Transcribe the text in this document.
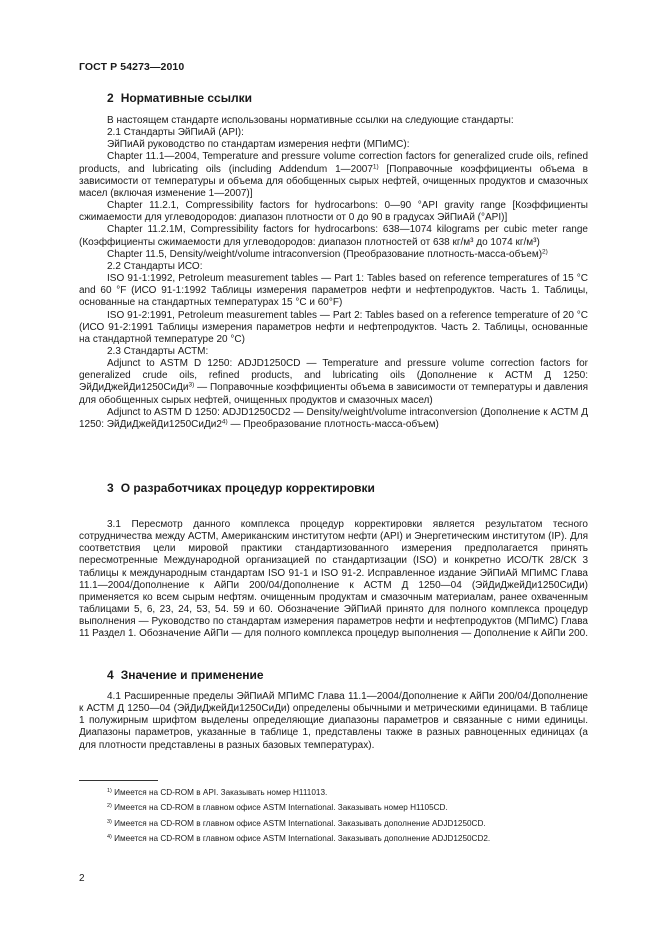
ГОСТ Р 54273—2010
2 Нормативные ссылки

В настоящем стандарте использованы нормативные ссылки на следующие стандарты:

2.1 Стандарты ЭйПиАй (API):

ЭйПиАй руководство по стандартам измерения нефти (МПиМС):

Chapter 11.1—2004, Temperature and pressure volume correction factors for generalized crude oils, refined products, and lubricating oils (including Addendum 1—2007$^{1)}$ [Поправочные коэффициенты объема в зависимости от температуры и объема для обобщенных сырых нефтей, очищенных продуктов и смазочных масел (включая изменение 1—2007)]

Chapter 11.2.1, Compressibility factors for hydrocarbons: 0—90 °API gravity range [Коэффициенты сжимаемости для углеводородов: диапазон плотности от 0 до 90 в градусах ЭйПиАй (°API)]

Chapter 11.2.1M, Compressibility factors for hydrocarbons: 638—1074 kilograms per cubic meter range (Коэффициенты сжимаемости для углеводородов: диапазон плотностей от 638 кг/м³ до 1074 кг/м³)

Chapter 11.5, Density/weight/volume intraconversion (Преобразование плотность-масса-объем)$^{2)}$

2.2 Стандарты ИСО:

ISO 91-1:1992, Petroleum measurement tables — Part 1: Tables based on reference temperatures of 15 °C and 60 °F (ИСО 91-1:1992 Таблицы измерения параметров нефти и нефтепродуктов. Часть 1. Таблицы, основанные на стандартных температурах 15 °C и 60°F)

ISO 91-2:1991, Petroleum measurement tables — Part 2: Tables based on a reference temperature of 20 °C (ИСО 91-2:1991 Таблицы измерения параметров нефти и нефтепродуктов. Часть 2. Таблицы, основанные на стандартной температуре 20 °C)

2.3 Стандарты АСТМ:

Adjunct to ASTM D 1250: ADJD1250CD — Temperature and pressure volume correction factors for generalized crude oils, refined products, and lubricating oils (Дополнение к АСТМ Д 1250: ЭйДиДжейДи1250СиДи$^{3)}$ — Поправочные коэффициенты объема в зависимости от температуры и давления для обобщенных сырых нефтей, очищенных продуктов и смазочных масел)

Adjunct to ASTM D 1250: ADJD1250CD2 — Density/weight/volume intraconversion (Дополнение к АСТМ Д 1250: ЭйДиДжейДи1250СиДи2$^{4)}$ — Преобразование плотность-масса-объем)

3 О разработчиках процедур корректировки

3.1 Пересмотр данного комплекса процедур корректировки является результатом тесного сотрудничества между АСТМ, Американским институтом нефти (API) и Энергетическим институтом (IP). Для соответствия цели мировой практики стандартизованного измерения предполагается принять пересмотренные Международной организацией по стандартизации (ISO) и конкретно ИСО/ТК 28/СК 3 таблицы к международным стандартам ISO 91-1 и ISO 91-2. Исправленное издание ЭйПиАй МПиМС Глава 11.1—2004/Дополнение к АйПи 200/04/Дополнение к АСТМ Д 1250—04 (ЭйДиДжейДи1250СиДи) применяется ко всем сырым нефтям. очищенным продуктам и смазочным материалам, ранее охваченным таблицами 5, 6, 23, 24, 53, 54. 59 и 60. Обозначение ЭйПиАй принято для полного комплекса процедур выполнения — Руководство по стандартам измерения параметров нефти и нефтепродуктов (МПиМС) Глава 11 Раздел 1. Обозначение АйПи — для полного комплекса процедур выполнения — Дополнение к АйПи 200.

4 Значение и применение

4.1 Расширенные пределы ЭйПиАй МПиМС Глава 11.1—2004/Дополнение к АйПи 200/04/Дополнение к АСТМ Д 1250—04 (ЭйДиДжейДи1250СиДи) определены обычными и метрическими единицами. В таблице 1 полужирным шрифтом выделены определяющие диапазоны параметров и связанные с ними единицы. Диапазоны параметров, указанные в таблице 1, представлены также в разных равноценных единицах (а для плотности представлены в разных базовых температурах).

$^{1)}$ Имеется на CD-ROM в API. Заказывать номер Н111013.
$^{2)}$ Имеется на CD-ROM в главном офисе ASTM International. Заказывать номер Н1105CD.
$^{3)}$ Имеется на CD-ROM в главном офисе ASTM International. Заказывать дополнение ADJD1250CD.
$^{4)}$ Имеется на CD-ROM в главном офисе ASTM International. Заказывать дополнение ADJD1250CD2.
2
